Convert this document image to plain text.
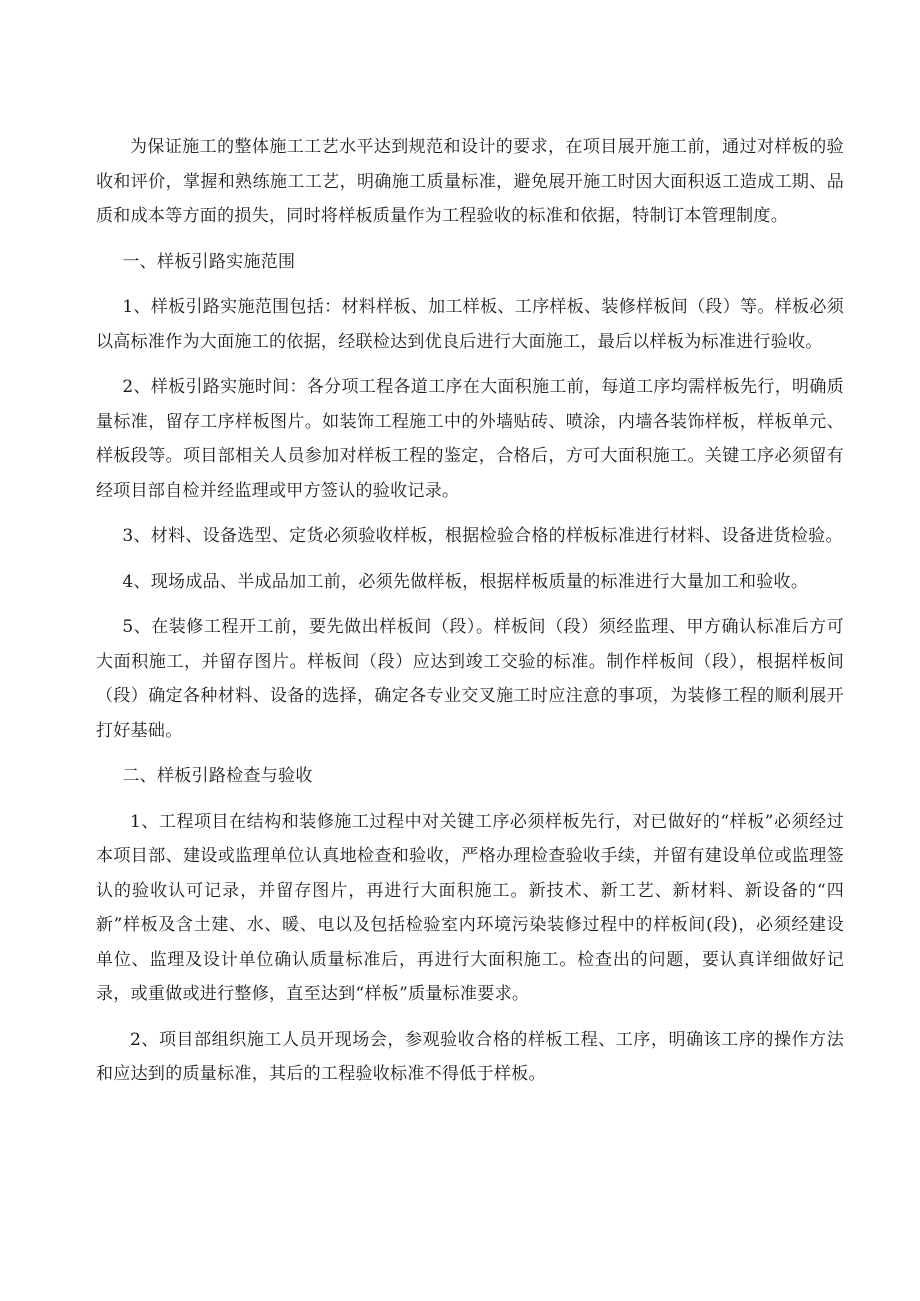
为保证施工的整体施工工艺水平达到规范和设计的要求，在项目展开施工前，通过对样板的验收和评价，掌握和熟练施工工艺，明确施工质量标准，避免展开施工时因大面积返工造成工期、品质和成本等方面的损失，同时将样板质量作为工程验收的标准和依据，特制订本管理制度。

一、样板引路实施范围

1、样板引路实施范围包括：材料样板、加工样板、工序样板、装修样板间（段）等。样板必须以高标准作为大面施工的依据，经联检达到优良后进行大面施工，最后以样板为标准进行验收。

2、样板引路实施时间：各分项工程各道工序在大面积施工前，每道工序均需样板先行，明确质量标准，留存工序样板图片。如装饰工程施工中的外墙贴砖、喷涂，内墙各装饰样板，样板单元、样板段等。项目部相关人员参加对样板工程的鉴定，合格后，方可大面积施工。关键工序必须留有经项目部自检并经监理或甲方签认的验收记录。

3、材料、设备选型、定货必须验收样板，根据检验合格的样板标准进行材料、设备进货检验。

4、现场成品、半成品加工前，必须先做样板，根据样板质量的标准进行大量加工和验收。

5、在装修工程开工前，要先做出样板间（段）。样板间（段）须经监理、甲方确认标准后方可大面积施工，并留存图片。样板间（段）应达到竣工交验的标准。制作样板间（段），根据样板间（段）确定各种材料、设备的选择，确定各专业交叉施工时应注意的事项，为装修工程的顺利展开打好基础。

二、样板引路检查与验收

1、工程项目在结构和装修施工过程中对关键工序必须样板先行，对已做好的“样板”必须经过本项目部、建设或监理单位认真地检查和验收，严格办理检查验收手续，并留有建设单位或监理签认的验收认可记录，并留存图片，再进行大面积施工。新技术、新工艺、新材料、新设备的“四新”样板及含土建、水、暖、电以及包括检验室内环境污染装修过程中的样板间(段)，必须经建设单位、监理及设计单位确认质量标准后，再进行大面积施工。检查出的问题，要认真详细做好记录，或重做或进行整修，直至达到“样板”质量标准要求。

2、项目部组织施工人员开现场会，参观验收合格的样板工程、工序，明确该工序的操作方法和应达到的质量标准，其后的工程验收标准不得低于样板。
